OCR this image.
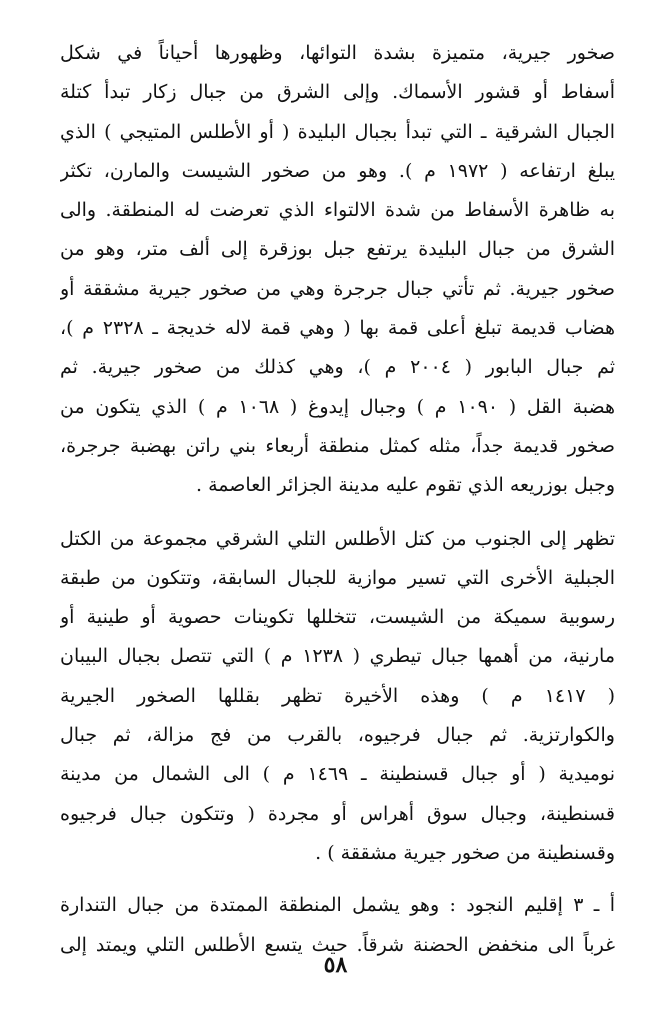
صخور جيرية، متميزة بشدة التوائها، وظهورها أحياناً في شكل
أسفاط أو قشور الأسماك. وإلى الشرق من جبال زكار تبدأ كتلة
الجبال الشرقية ـ التي تبدأ بجبال البليدة ( أو الأطلس المتيجي ) الذي
يبلغ ارتفاعه ( ١٩٧٢ م ). وهو من صخور الشيست والمارن، تكثر
به ظاهرة الأسفاط من شدة الالتواء الذي تعرضت له المنطقة. والى
الشرق من جبال البليدة يرتفع جبل بوزقرة إلى ألف متر، وهو من
صخور جيرية. ثم تأتي جبال جرجرة وهي من صخور جيرية مشققة أو
هضاب قديمة تبلغ أعلى قمة بها ( وهي قمة لاله خديجة ـ ٢٣٢٨ م )،
ثم جبال البابور ( ٢٠٠٤ م )، وهي كذلك من صخور جيرية. ثم
هضبة القل ( ١٠٩٠ م ) وجبال إيدوغ ( ١٠٦٨ م ) الذي يتكون من
صخور قديمة جداً، مثله كمثل منطقة أربعاء بني راتن بهضبة جرجرة،
وجبل بوزريعه الذي تقوم عليه مدينة الجزائر العاصمة .

تظهر إلى الجنوب من كتل الأطلس التلي الشرقي مجموعة من الكتل
الجبلية الأخرى التي تسير موازية للجبال السابقة، وتتكون من طبقة
رسوبية سميكة من الشيست، تتخللها تكوينات حصوية أو طينية أو
مارنية، من أهمها جبال تيطري ( ١٢٣٨ م ) التي تتصل بجبال البيبان
( ١٤١٧ م ) وهذه الأخيرة تظهر بقللها الصخور الجيرية
والكوارتزية. ثم جبال فرجيوه، بالقرب من فج مزالة، ثم جبال
نوميدية ( أو جبال قسنطينة ـ ١٤٦٩ م ) الى الشمال من مدينة
قسنطينة، وجبال سوق أهراس أو مجردة ( وتتكون جبال فرجيوه
وقسنطينة من صخور جيرية مشققة ) .

أ ـ ٣ إقليم النجود : وهو يشمل المنطقة الممتدة من جبال التندارة
غرباً الى منخفض الحضنة شرقاً. حيث يتسع الأطلس التلي ويمتد إلى

٥٨
